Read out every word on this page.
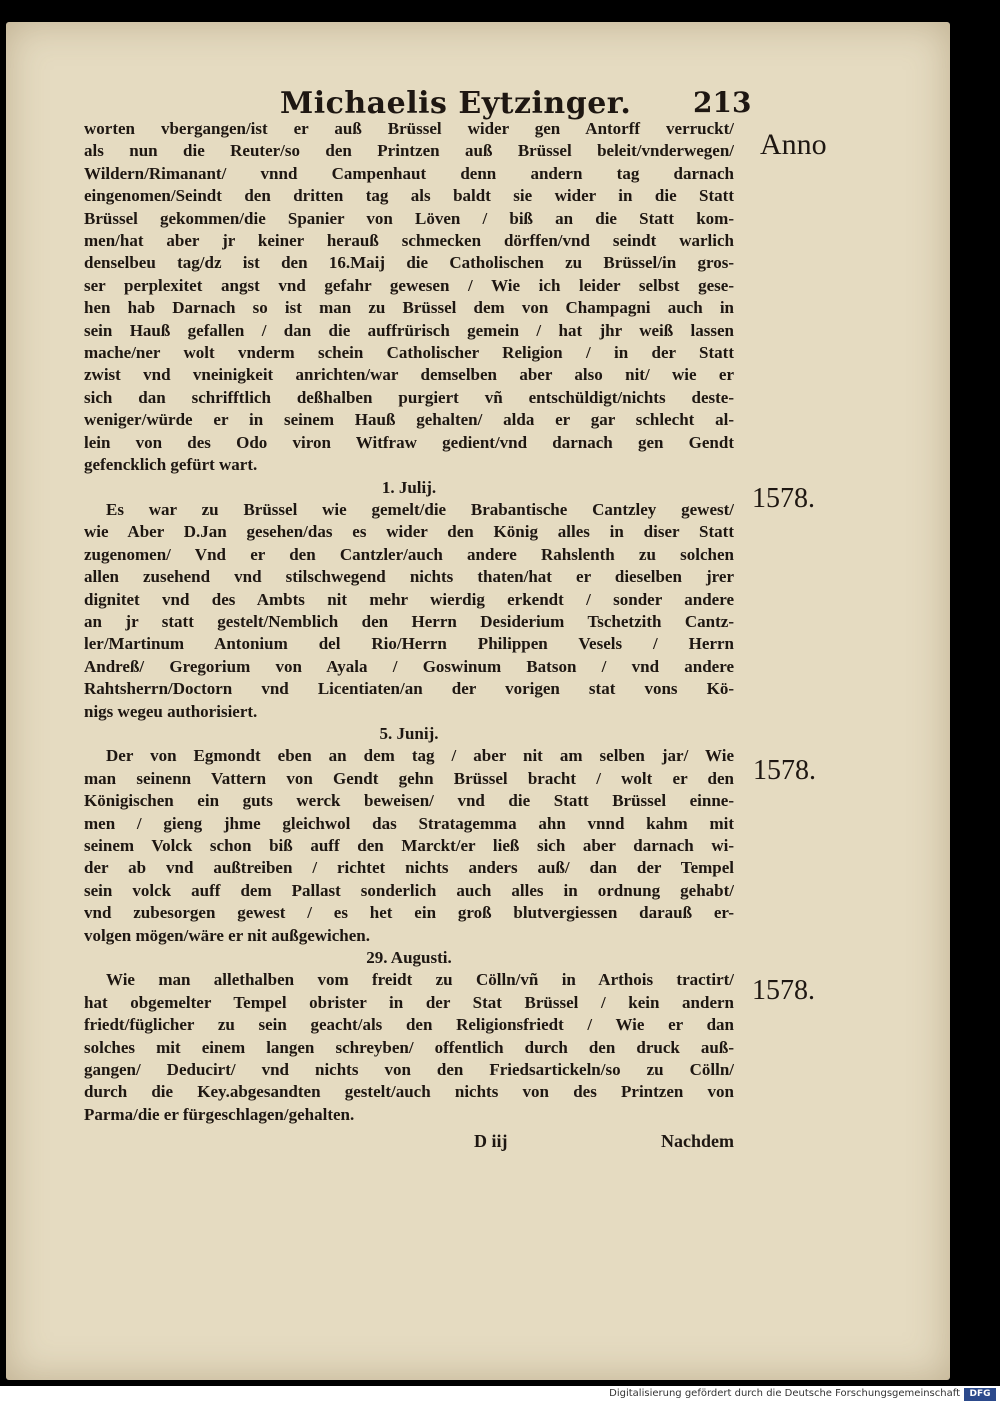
Michaelis Eytzinger. 213
Anno
1578.
1578.
1578.
worten vbergangen/ist er auß Brüssel wider gen Antorff verruckt/
als nun die Reuter/so den Printzen auß Brüssel beleit/vnderwegen/
Wildern/Rimanant/ vnnd Campenhaut denn andern tag darnach
eingenomen/Seindt den dritten tag als baldt sie wider in die Statt
Brüssel gekommen/die Spanier von Löven / biß an die Statt kom-
men/hat aber jr keiner herauß schmecken dörffen/vnd seindt warlich
denselbeu tag/dz ist den 16.Maij die Catholischen zu Brüssel/in gros-
ser perplexitet angst vnd gefahr gewesen / Wie ich leider selbst gese-
hen hab Darnach so ist man zu Brüssel dem von Champagni auch in
sein Hauß gefallen / dan die auffrürisch gemein / hat jhr weiß lassen
mache/ner wolt vnderm schein Catholischer Religion / in der Statt
zwist vnd vneinigkeit anrichten/war demselben aber also nit/ wie er
sich dan schrifftlich deßhalben purgiert vñ entschüldigt/nichts deste-
weniger/würde er in seinem Hauß gehalten/ alda er gar schlecht al-
lein von des Odo viron Witfraw gedient/vnd darnach gen Gendt
gefencklich gefürt wart.
1. Julij.
Es war zu Brüssel wie gemelt/die Brabantische Cantzley gewest/
wie Aber D.Jan gesehen/das es wider den König alles in diser Statt
zugenomen/ Vnd er den Cantzler/auch andere Rahslenth zu solchen
allen zusehend vnd stilschwegend nichts thaten/hat er dieselben jrer
dignitet vnd des Ambts nit mehr wierdig erkendt / sonder andere
an jr statt gestelt/Nemblich den Herrn Desiderium Tschetzith Cantz-
ler/Martinum Antonium del Rio/Herrn Philippen Vesels / Herrn
Andreß/ Gregorium von Ayala / Goswinum Batson / vnd andere
Rahtsherrn/Doctorn vnd Licentiaten/an der vorigen stat vons Kö-
nigs wegeu authorisiert.
5. Junij.
Der von Egmondt eben an dem tag / aber nit am selben jar/ Wie
man seinenn Vattern von Gendt gehn Brüssel bracht / wolt er den
Königischen ein guts werck beweisen/ vnd die Statt Brüssel einne-
men / gieng jhme gleichwol das Stratagemma ahn vnnd kahm mit
seinem Volck schon biß auff den Marckt/er ließ sich aber darnach wi-
der ab vnd außtreiben / richtet nichts anders auß/ dan der Tempel
sein volck auff dem Pallast sonderlich auch alles in ordnung gehabt/
vnd zubesorgen gewest / es het ein groß blutvergiessen darauß er-
volgen mögen/wäre er nit außgewichen.
29. Augusti.
Wie man allethalben vom freidt zu Cölln/vñ in Arthois tractirt/
hat obgemelter Tempel obrister in der Stat Brüssel / kein andern
friedt/füglicher zu sein geacht/als den Religionsfriedt / Wie er dan
solches mit einem langen schreyben/ offentlich durch den druck auß-
gangen/ Deducirt/ vnd nichts von den Friedsartickeln/so zu Cölln/
durch die Key.abgesandten gestelt/auch nichts von des Printzen von
Parma/die er fürgeschlagen/gehalten.
D iij	Nachdem
Digitalisierung gefördert durch die Deutsche Forschungsgemeinschaft	DFG
